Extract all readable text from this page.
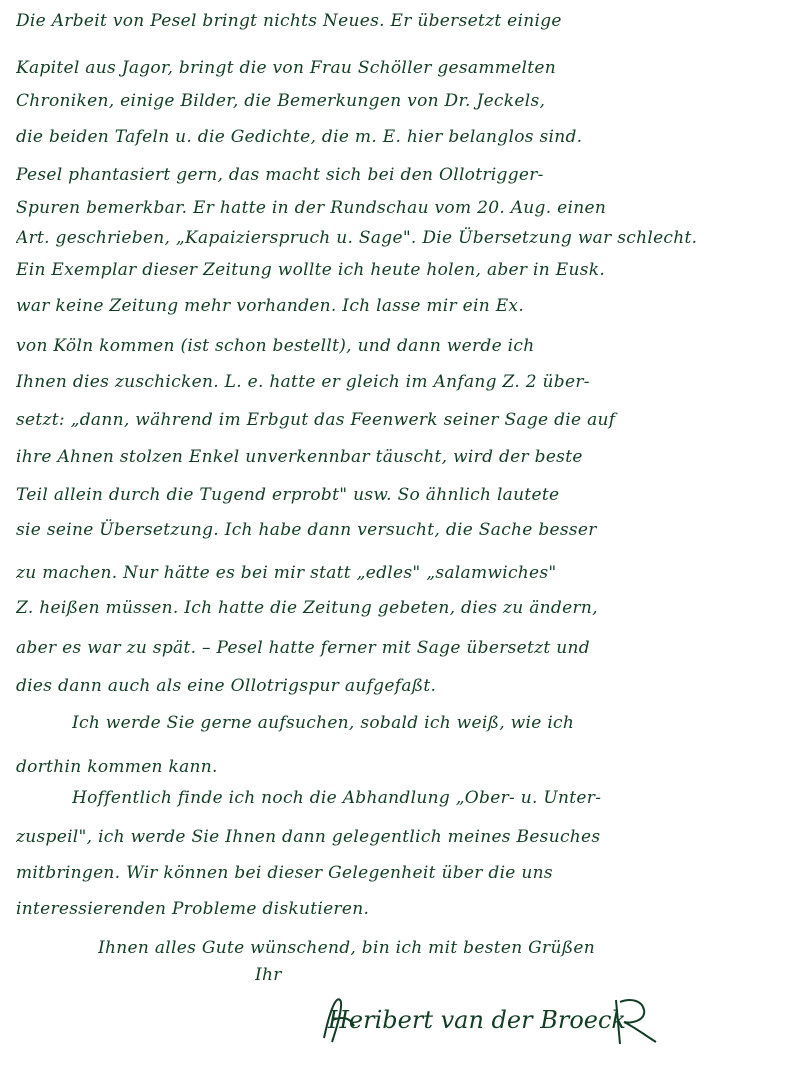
Die Arbeit von Pesel bringt nichts Neues. Er übersetzt einige
Kapitel aus Jagor, bringt die von Frau Schöller gesammelten
Chroniken, einige Bilder, die Bemerkungen von Dr. Jeckels,
die beiden Tafeln u. die Gedichte, die m. E. hier belanglos sind.
Pesel phantasiert gern, das macht sich bei den Ollotrigger-
Spuren bemerkbar. Er hatte in der Rundschau vom 20. Aug. einen
Art. geschrieben, „Kapaizierspruch u. Sage". Die Übersetzung war schlecht.
Ein Exemplar dieser Zeitung wollte ich heute holen, aber in Eusk.
war keine Zeitung mehr vorhanden. Ich lasse mir ein Ex.
von Köln kommen (ist schon bestellt), und dann werde ich
Ihnen dies zuschicken. L. e. hatte er gleich im Anfang Z. 2 über-
setzt: „dann, während im Erbgut das Feenwerk seiner Sage die auf
ihre Ahnen stolzen Enkel unverkennbar täuscht, wird der beste
Teil allein durch die Tugend erprobt" usw. So ähnlich lautete
sie seine Übersetzung. Ich habe dann versucht, die Sache besser
zu machen. Nur hätte es bei mir statt „edles" „salamwiches"
Z. heißen müssen. Ich hatte die Zeitung gebeten, dies zu ändern,
aber es war zu spät. – Pesel hatte ferner mit Sage übersetzt und
dies dann auch als eine Ollotrigspur aufgefaßt.
Ich werde Sie gerne aufsuchen, sobald ich weiß, wie ich
dorthin kommen kann.
Hoffentlich finde ich noch die Abhandlung „Ober- u. Unter-
zuspeil", ich werde Sie Ihnen dann gelegentlich meines Besuches
mitbringen. Wir können bei dieser Gelegenheit über die uns
interessierenden Probleme diskutieren.
Ihnen alles Gute wünschend, bin ich mit besten Grüßen
Ihr
Heribert van der Broeck
